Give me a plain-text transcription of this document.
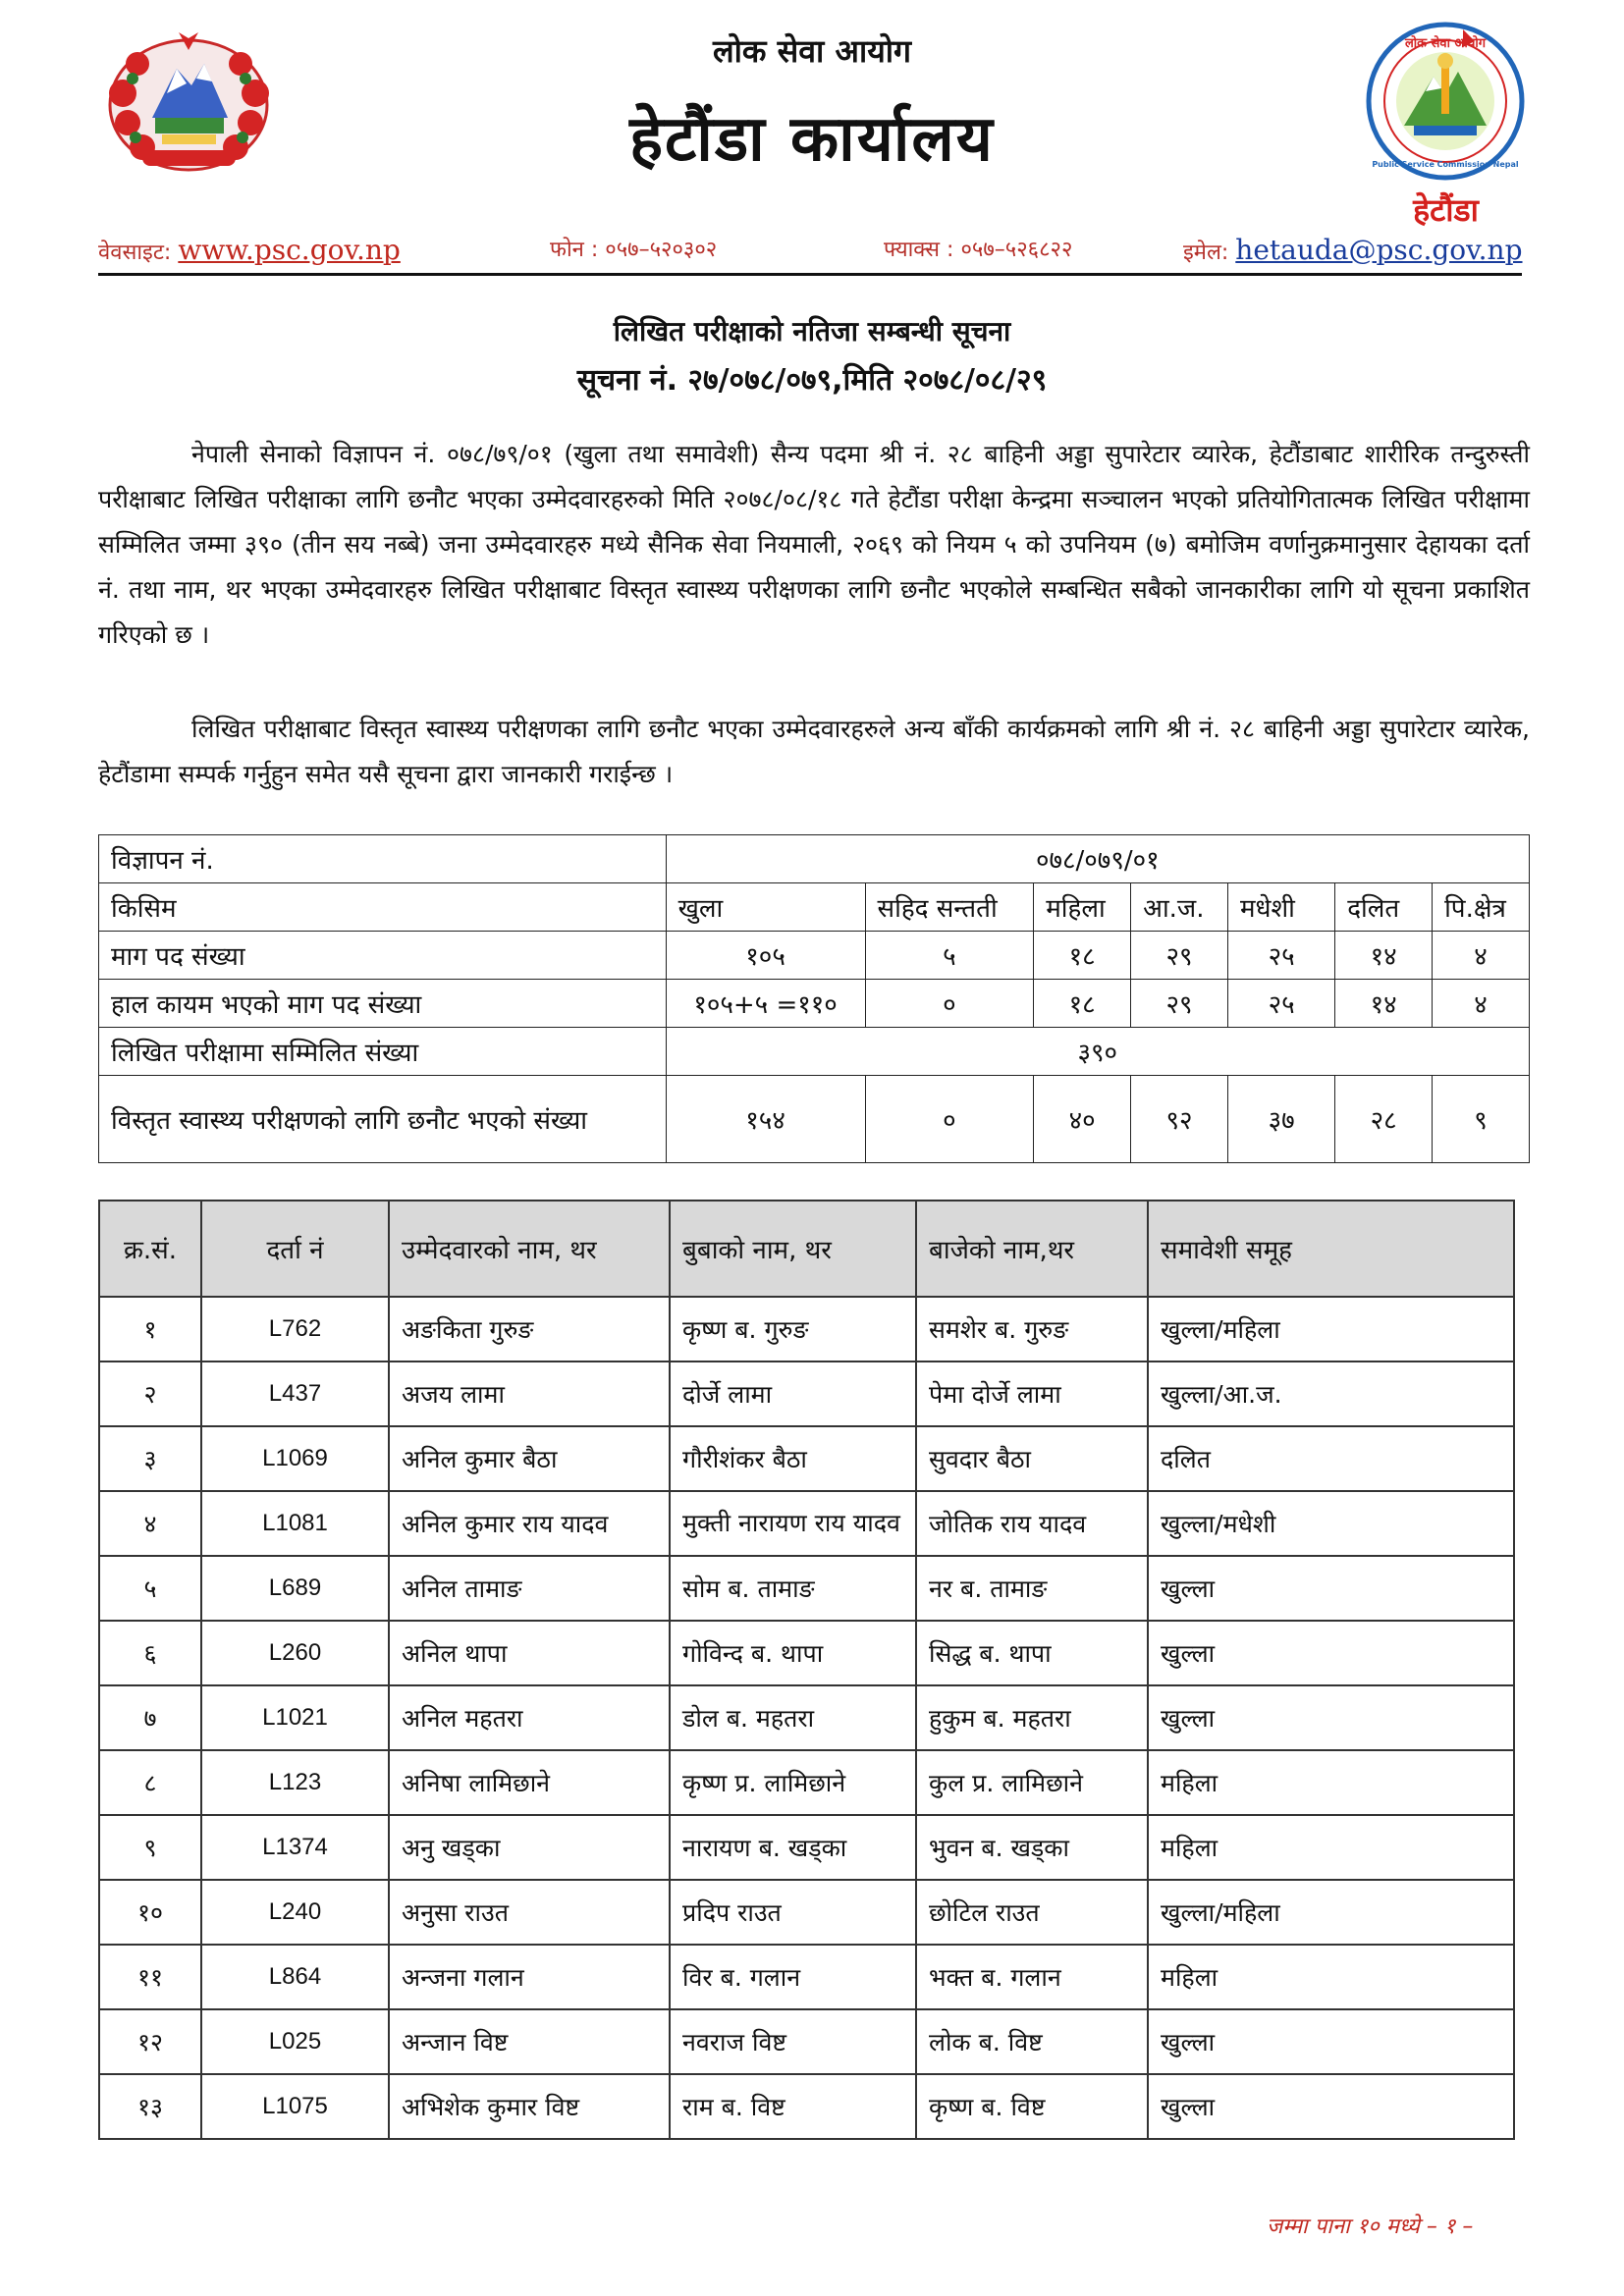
लोक सेवा आयोग
Public Service Commission Nepal
लोक सेवा आयोग
हेटौंडा कार्यालय
हेटौंडा
वेवसाइट: www.psc.gov.np	फोन : ०५७–५२०३०२	फ्याक्स : ०५७–५२६८२२	इमेल: hetauda@psc.gov.np
लिखित परीक्षाको नतिजा सम्बन्धी सूचना
सूचना नं. २७/०७८/०७९,मिति २०७८/०८/२९
नेपाली सेनाको विज्ञापन नं. ०७८/७९/०१ (खुला तथा समावेशी) सैन्य पदमा श्री नं. २८ बाहिनी अड्डा सुपारेटार व्यारेक, हेटौंडाबाट शारीरिक तन्दुरुस्ती परीक्षाबाट लिखित परीक्षाका लागि छनौट भएका उम्मेदवारहरुको मिति २०७८/०८/१८ गते हेटौंडा परीक्षा केन्द्रमा सञ्चालन भएको प्रतियोगितात्मक लिखित परीक्षामा सम्मिलित जम्मा ३९० (तीन सय नब्बे) जना उम्मेदवारहरु मध्ये सैनिक सेवा नियमाली, २०६९ को नियम ५ को उपनियम (७) बमोजिम वर्णानुक्रमानुसार देहायका दर्ता नं. तथा नाम, थर भएका उम्मेदवारहरु लिखित परीक्षाबाट विस्तृत स्वास्थ्य परीक्षणका लागि छनौट भएकोले सम्बन्धित सबैको जानकारीका लागि यो सूचना प्रकाशित गरिएको छ ।
लिखित परीक्षाबाट विस्तृत स्वास्थ्य परीक्षणका लागि छनौट भएका उम्मेदवारहरुले अन्य बाँकी कार्यक्रमको लागि श्री नं. २८ बाहिनी अड्डा सुपारेटार व्यारेक, हेटौंडामा सम्पर्क गर्नुहुन समेत यसै सूचना द्वारा जानकारी गराईन्छ ।
विज्ञापन नं.	०७८/०७९/०१						
किसिम	खुला	सहिद सन्तती	महिला	आ.ज.	मधेशी	दलित	पि.क्षेत्र
माग पद संख्या	१०५	५	१८	२९	२५	१४	४
हाल कायम भएको माग पद संख्या	१०५+५ =११०	०	१८	२९	२५	१४	४
लिखित परीक्षामा सम्मिलित संख्या	३९०						
विस्तृत स्वास्थ्य परीक्षणको लागि छनौट भएको संख्या	१५४	०	४०	९२	३७	२८	९
क्र.सं.	दर्ता नं	उम्मेदवारको नाम, थर	बुबाको नाम, थर	बाजेको नाम,थर	समावेशी समूह
१	L762	अङकिता गुरुङ	कृष्ण ब. गुरुङ	समशेर ब. गुरुङ	खुल्ला/महिला
२	L437	अजय लामा	दोर्जे लामा	पेमा दोर्जे लामा	खुल्ला/आ.ज.
३	L1069	अनिल कुमार बैठा	गौरीशंकर बैठा	सुवदार बैठा	दलित
४	L1081	अनिल कुमार राय यादव	मुक्ती नारायण राय यादव	जोतिक राय यादव	खुल्ला/मधेशी
५	L689	अनिल तामाङ	सोम ब. तामाङ	नर ब. तामाङ	खुल्ला
६	L260	अनिल थापा	गोविन्द ब. थापा	सिद्ध ब. थापा	खुल्ला
७	L1021	अनिल महतरा	डोल ब. महतरा	हुकुम ब. महतरा	खुल्ला
८	L123	अनिषा लामिछाने	कृष्ण प्र. लामिछाने	कुल प्र. लामिछाने	महिला
९	L1374	अनु खड्का	नारायण ब. खड्का	भुवन ब. खड्का	महिला
१०	L240	अनुसा राउत	प्रदिप राउत	छोटिल राउत	खुल्ला/महिला
११	L864	अन्जना गलान	विर ब. गलान	भक्त ब. गलान	महिला
१२	L025	अन्जान विष्ट	नवराज विष्ट	लोक ब. विष्ट	खुल्ला
१३	L1075	अभिशेक कुमार विष्ट	राम ब. विष्ट	कृष्ण ब. विष्ट	खुल्ला
जम्मा पाना १० मध्ये – १ –
